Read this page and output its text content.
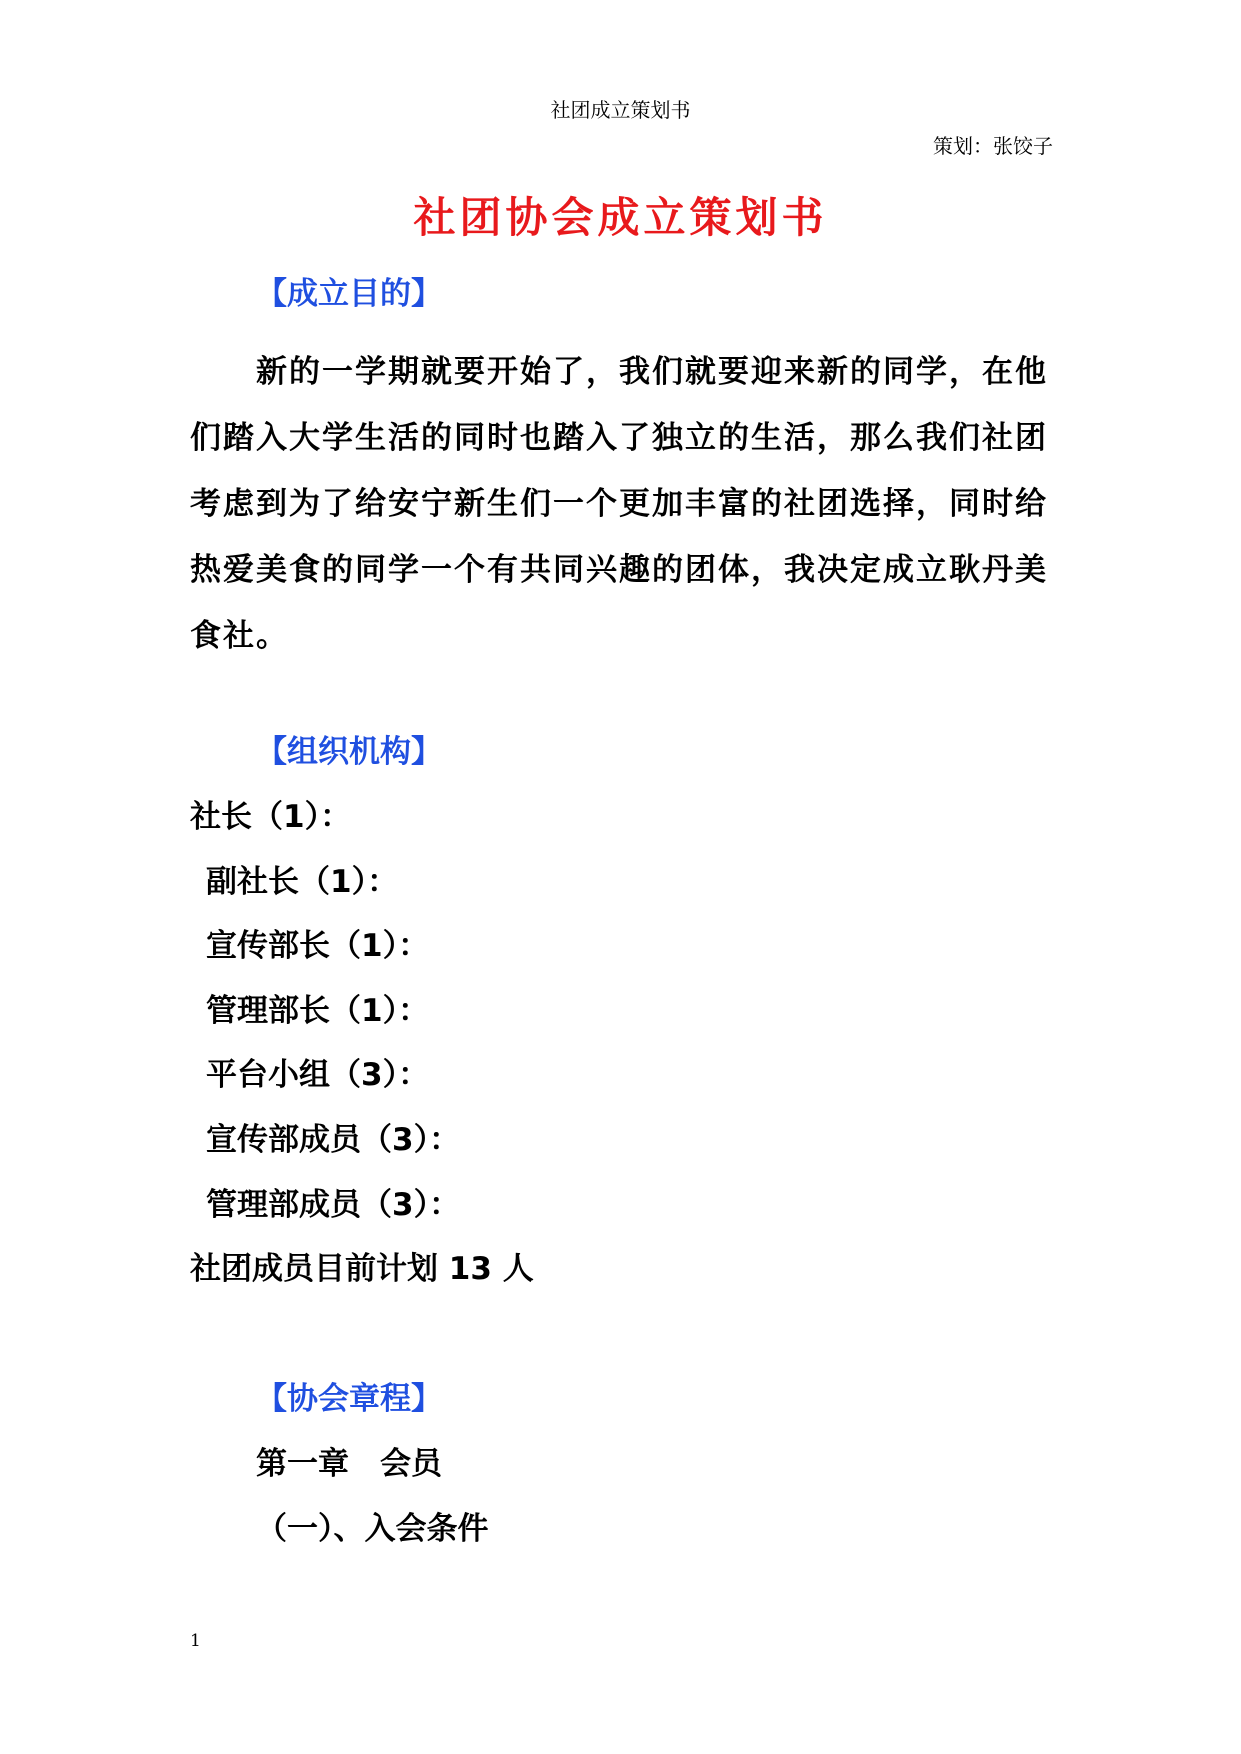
社团成立策划书
策划：张饺子
社团协会成立策划书
【成立目的】
新的一学期就要开始了，我们就要迎来新的同学，在他们踏入大学生活的同时也踏入了独立的生活，那么我们社团考虑到为了给安宁新生们一个更加丰富的社团选择，同时给热爱美食的同学一个有共同兴趣的团体，我决定成立耿丹美食社。
【组织机构】
社长（1）：
副社长（1）：
宣传部长（1）：
管理部长（1）：
平台小组（3）：
宣传部成员（3）：
管理部成员（3）：
社团成员目前计划 13 人
【协会章程】
第一章　会员
（一）、入会条件
1
